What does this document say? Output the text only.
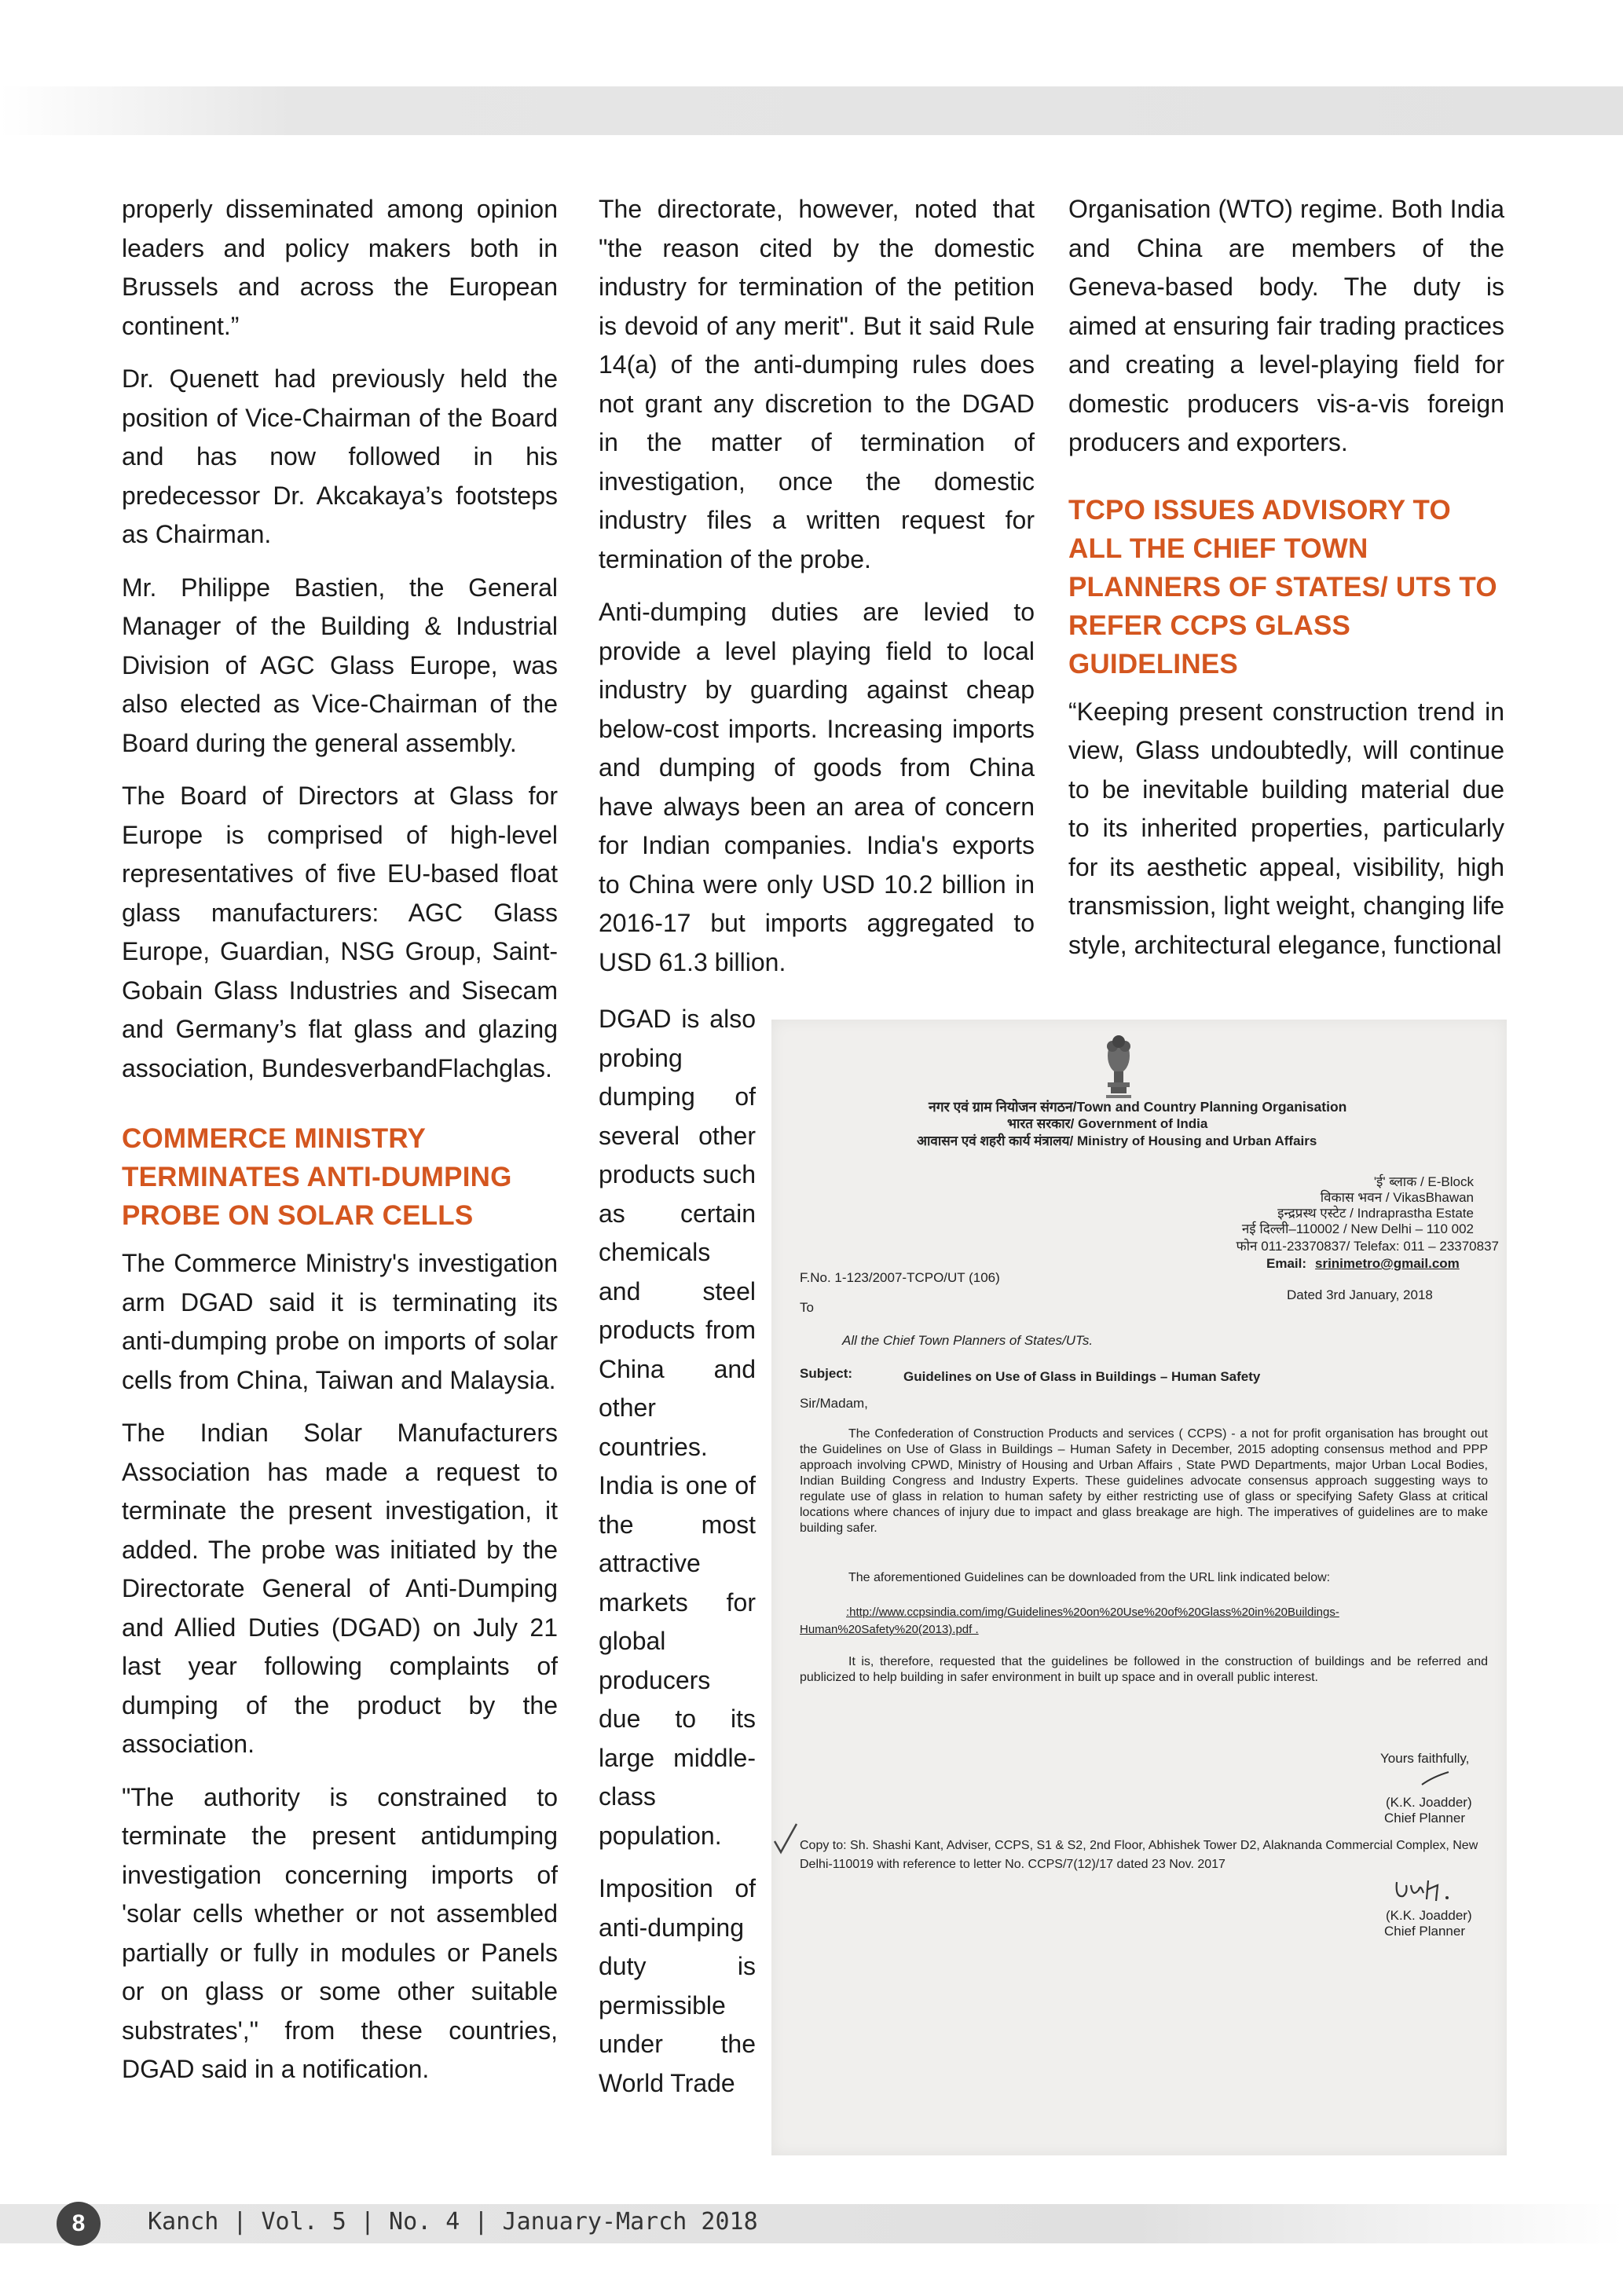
properly disseminated among opinion leaders and policy makers both in Brussels and across the European continent.”

Dr. Quenett had previously held the position of Vice-Chairman of the Board and has now followed in his predecessor Dr. Akcakaya’s footsteps as Chairman.

Mr. Philippe Bastien, the General Manager of the Building & Industrial Division of AGC Glass Europe, was also elected as Vice-Chairman of the Board during the general assembly.

The Board of Directors at Glass for Europe is comprised of high-level representatives of five EU-based float glass manufacturers: AGC Glass Europe, Guardian, NSG Group, Saint-Gobain Glass Industries and Sisecam and Germany’s flat glass and glazing association, BundesverbandFlachglas.

COMMERCE MINISTRY TERMINATES ANTI-DUMPING PROBE ON SOLAR CELLS

The Commerce Ministry's investigation arm DGAD said it is terminating its anti-dumping probe on imports of solar cells from China, Taiwan and Malaysia.

The Indian Solar Manufacturers Association has made a request to terminate the present investigation, it added. The probe was initiated by the Directorate General of Anti-Dumping and Allied Duties (DGAD) on July 21 last year following complaints of dumping of the product by the association.

"The authority is constrained to terminate the present antidumping investigation concerning imports of 'solar cells whether or not assembled partially or fully in modules or Panels or on glass or some other suitable substrates'," from these countries, DGAD said in a notification.

The directorate, however, noted that "the reason cited by the domestic industry for termination of the petition is devoid of any merit". But it said Rule 14(a) of the anti-dumping rules does not grant any discretion to the DGAD in the matter of termination of investigation, once the domestic industry files a written request for termination of the probe.

Anti-dumping duties are levied to provide a level playing field to local industry by guarding against cheap below-cost imports. Increasing imports and dumping of goods from China have always been an area of concern for Indian companies. India's exports to China were only USD 10.2 billion in 2016-17 but imports aggregated to USD 61.3 billion.

DGAD is also probing dumping of several other products such as certain chemicals and steel products from China and other countries. India is one of the most attractive markets for global producers due to its large middle-class population.

Imposition of anti-dumping duty is permissible under the World Trade

Organisation (WTO) regime. Both India and China are members of the Geneva-based body. The duty is aimed at ensuring fair trading practices and creating a level-playing field for domestic producers vis-a-vis foreign producers and exporters.

TCPO ISSUES ADVISORY TO ALL THE CHIEF TOWN PLANNERS OF STATES/ UTS TO REFER CCPS GLASS GUIDELINES

“Keeping present construction trend in view, Glass undoubtedly, will continue to be inevitable building material due to its inherited properties, particularly for its aesthetic appeal, visibility, high transmission, light weight, changing life style, architectural elegance, functional

नगर एवं ग्राम नियोजन संगठन/Town and Country Planning Organisation
भारत सरकार/ Government of India
आवासन एवं शहरी कार्य मंत्रालय/ Ministry of Housing and Urban Affairs
'ई' ब्लाक / E-Block
विकास भवन / VikasBhawan
इन्द्रप्रस्थ एस्टेट / Indraprastha Estate
नई दिल्ली–110002 / New Delhi – 110 002
फोन 011-23370837/ Telefax: 011 – 23370837
Email: srinimetro@gmail.com
F.No. 1-123/2007-TCPO/UT (106)
Dated 3rd January, 2018
To
All the Chief Town Planners of States/UTs.
Subject:	Guidelines on Use of Glass in Buildings – Human Safety
Sir/Madam,
The Confederation of Construction Products and services ( CCPS) - a not for profit organisation has brought out the Guidelines on Use of Glass in Buildings – Human Safety in December, 2015 adopting consensus method and PPP approach involving CPWD, Ministry of Housing and Urban Affairs , State PWD Departments, major Urban Local Bodies, Indian Building Congress and Industry Experts. These guidelines advocate consensus approach suggesting ways to regulate use of glass in relation to human safety by either restricting use of glass or specifying Safety Glass at critical locations where chances of injury due to impact and glass breakage are high. The imperatives of guidelines are to make building safer.
The aforementioned Guidelines can be downloaded from the URL link indicated below:
:http://www.ccpsindia.com/img/Guidelines%20on%20Use%20of%20Glass%20in%20Buildings-
Human%20Safety%20(2013).pdf .
It is, therefore, requested that the guidelines be followed in the construction of buildings and be referred and publicized to help building in safer environment in built up space and in overall public interest.
Yours faithfully,
(K.K. Joadder)
Chief Planner
Copy to: Sh. Shashi Kant, Adviser, CCPS, S1 & S2, 2nd Floor, Abhishek Tower D2, Alaknanda Commercial Complex, New Delhi-110019 with reference to letter No. CCPS/7(12)/17 dated 23 Nov. 2017
(K.K. Joadder)
Chief Planner
8	Kanch | Vol. 5 | No. 4 | January-March 2018
